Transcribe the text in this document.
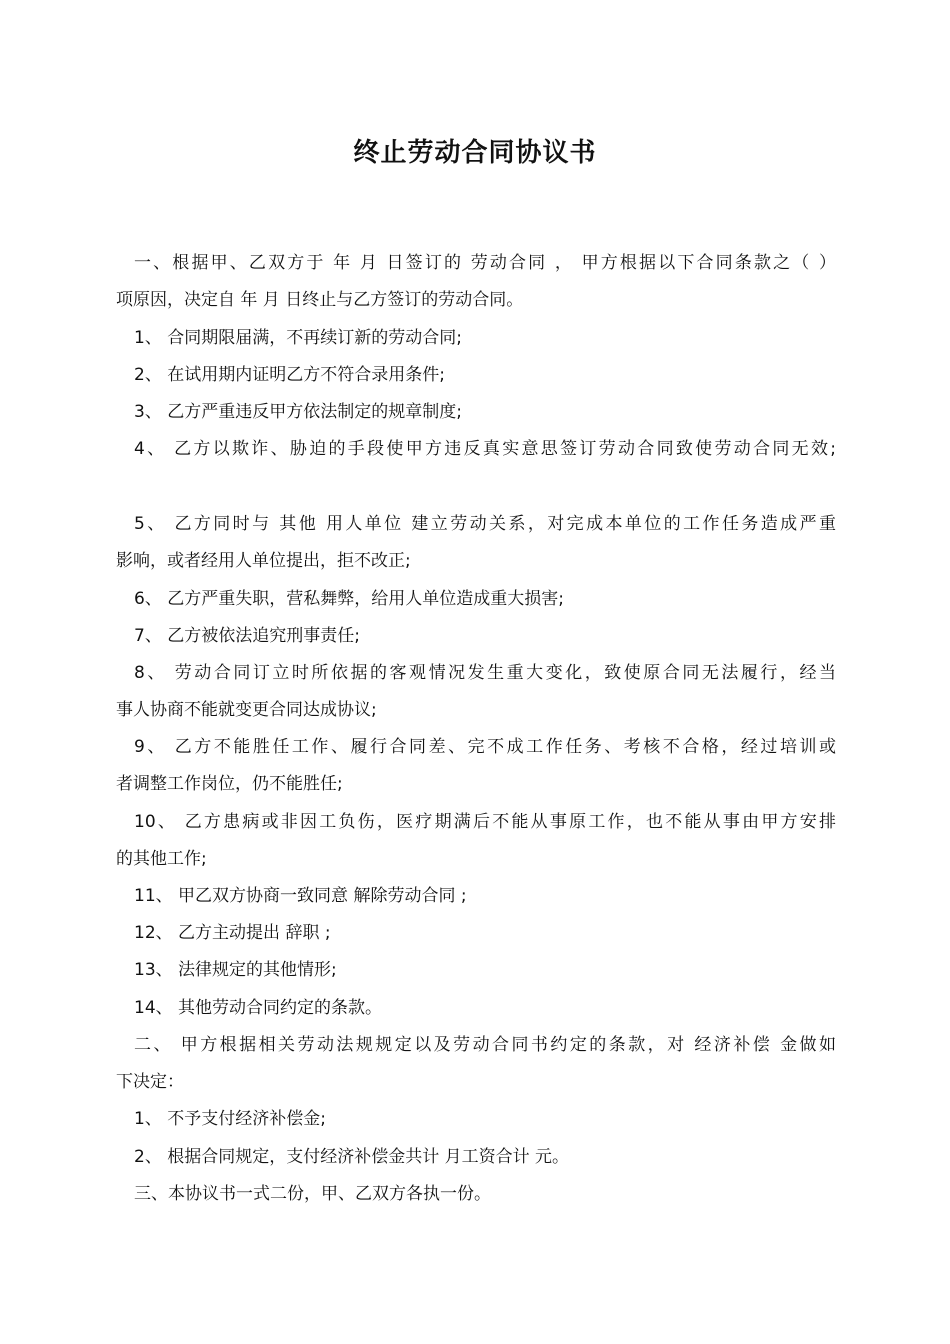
终止劳动合同协议书
一、根据甲、乙双方于 年 月 日签订的 劳动合同 ， 甲方根据以下合同条款之（ ）
项原因，决定自 年 月 日终止与乙方签订的劳动合同。
1、 合同期限届满，不再续订新的劳动合同;
2、 在试用期内证明乙方不符合录用条件;
3、 乙方严重违反甲方依法制定的规章制度;
4、 乙方以欺诈、胁迫的手段使甲方违反真实意思签订劳动合同致使劳动合同无效;
5、 乙方同时与 其他 用人单位 建立劳动关系，对完成本单位的工作任务造成严重
影响，或者经用人单位提出，拒不改正;
6、 乙方严重失职，营私舞弊，给用人单位造成重大损害;
7、 乙方被依法追究刑事责任;
8、 劳动合同订立时所依据的客观情况发生重大变化，致使原合同无法履行，经当
事人协商不能就变更合同达成协议;
9、 乙方不能胜任工作、履行合同差、完不成工作任务、考核不合格，经过培训或
者调整工作岗位，仍不能胜任;
10、 乙方患病或非因工负伤，医疗期满后不能从事原工作，也不能从事由甲方安排
的其他工作;
11、 甲乙双方协商一致同意 解除劳动合同 ;
12、 乙方主动提出 辞职 ;
13、 法律规定的其他情形;
14、 其他劳动合同约定的条款。
二、 甲方根据相关劳动法规规定以及劳动合同书约定的条款，对 经济补偿 金做如
下决定：
1、 不予支付经济补偿金;
2、 根据合同规定，支付经济补偿金共计 月工资合计 元。
三、本协议书一式二份，甲、乙双方各执一份。
